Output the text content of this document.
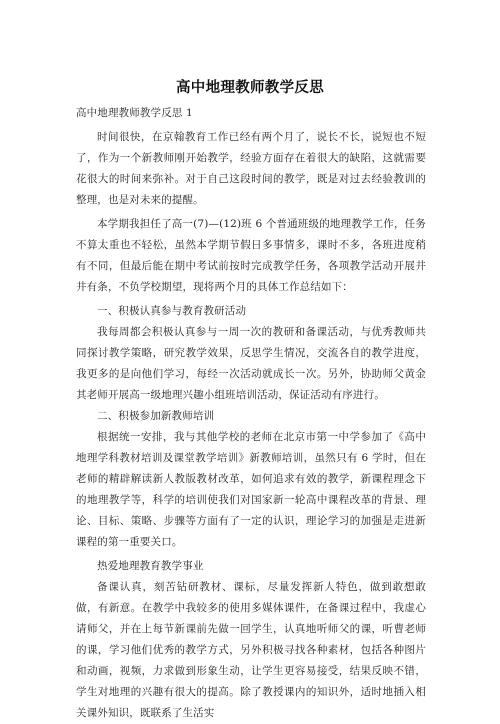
高中地理教师教学反思

高中地理教师教学反思 1

时间很快，在京翰教育工作已经有两个月了，说长不长，说短也不短了，作为一个新教师刚开始教学，经验方面存在着很大的缺陷，这就需要花很大的时间来弥补。对于自己这段时间的教学，既是对过去经验教训的整理，也是对未来的提醒。

本学期我担任了高一(7)—(12)班 6 个普通班级的地理教学工作，任务不算太重也不轻松，虽然本学期节假日多事情多，课时不多，各班进度稍有不同，但最后能在期中考试前按时完成教学任务，各项教学活动开展井井有条，不负学校期望，现将两个月的具体工作总结如下：

一、积极认真参与教育教研活动

我每周都会积极认真参与一周一次的教研和备课活动，与优秀教师共同探讨教学策略，研究教学效果，反思学生情况，交流各自的教学进度，我更多的是向他们学习，每经一次活动就成长一次。另外，协助师父黄金其老师开展高一级地理兴趣小组班培训活动，保证活动有序进行。

二、积极参加新教师培训

根据统一安排，我与其他学校的老师在北京市第一中学参加了《高中地理学科教材培训及课堂教学培训》新教师培训，虽然只有 6 学时，但在老师的精辟解读新人教版教材改革，如何追求有效的教学，新课程理念下的地理教学等，科学的培训使我们对国家新一轮高中课程改革的背景、理论、目标、策略、步骤等方面有了一定的认识，理论学习的加强是走进新课程的第一重要关口。

热爱地理教育教学事业

备课认真，刻苦钻研教材、课标，尽量发挥新人特色，做到敢想敢做，有新意。在教学中我较多的使用多媒体课件，在备课过程中，我虚心请师父，并在上每节新课前先做一回学生，认真地听师父的课，听曹老师的课，学习他们优秀的教学方式，另外积极寻找各种素材，包括各种图片和动画，视频，力求做到形象生动，让学生更容易接受，结果反映不错，学生对地理的兴趣有很大的提高。除了教授课内的知识外，适时地插入相关课外知识，既联系了生活实
